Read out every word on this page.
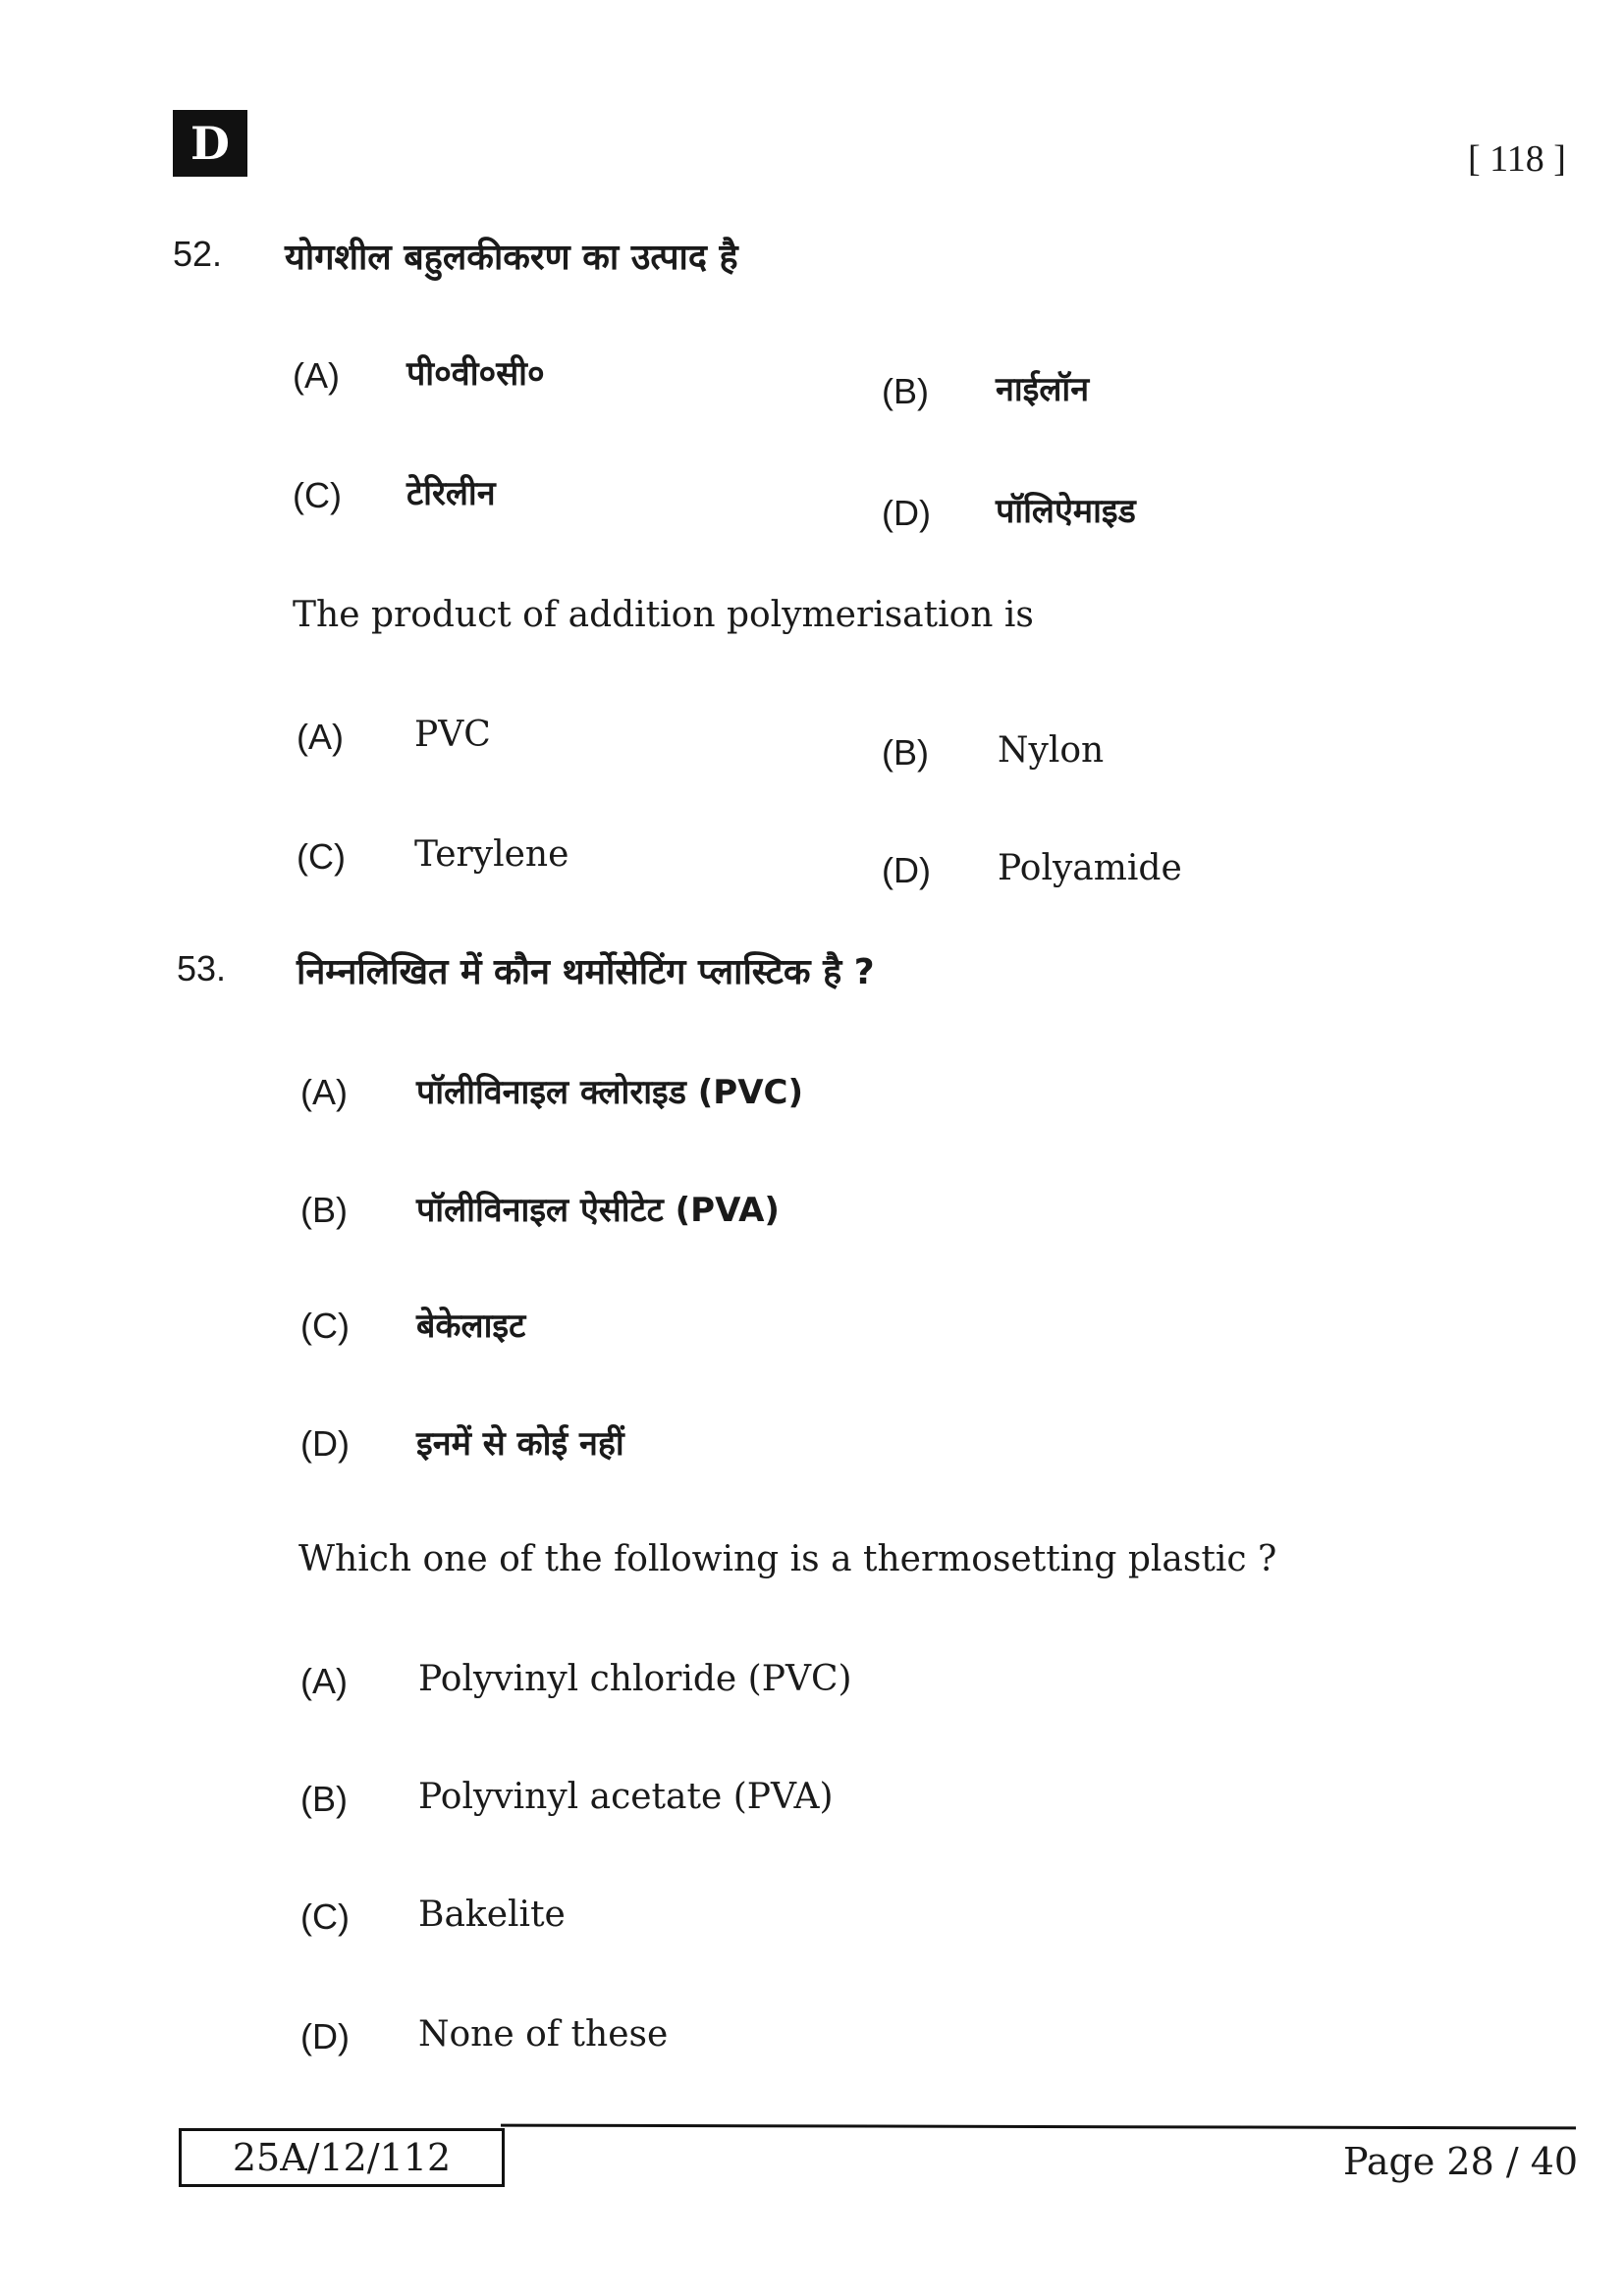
D	[ 118 ]
52. योगशील बहुलकीकरण का उत्पाद है
(A) पी०वी०सी०	(B) नाईलॉन
(C) टेरिलीन	(D) पॉलिऐमाइड
The product of addition polymerisation is
(A) PVC	(B) Nylon
(C) Terylene	(D) Polyamide
53. निम्नलिखित में कौन थर्मोसेटिंग प्लास्टिक है ?
(A) पॉलीविनाइल क्लोराइड (PVC)
(B) पॉलीविनाइल ऐसीटेट (PVA)
(C) बेकेलाइट
(D) इनमें से कोई नहीं
Which one of the following is a thermosetting plastic ?
(A) Polyvinyl chloride (PVC)
(B) Polyvinyl acetate (PVA)
(C) Bakelite
(D) None of these
25A/12/112	Page 28 / 40
